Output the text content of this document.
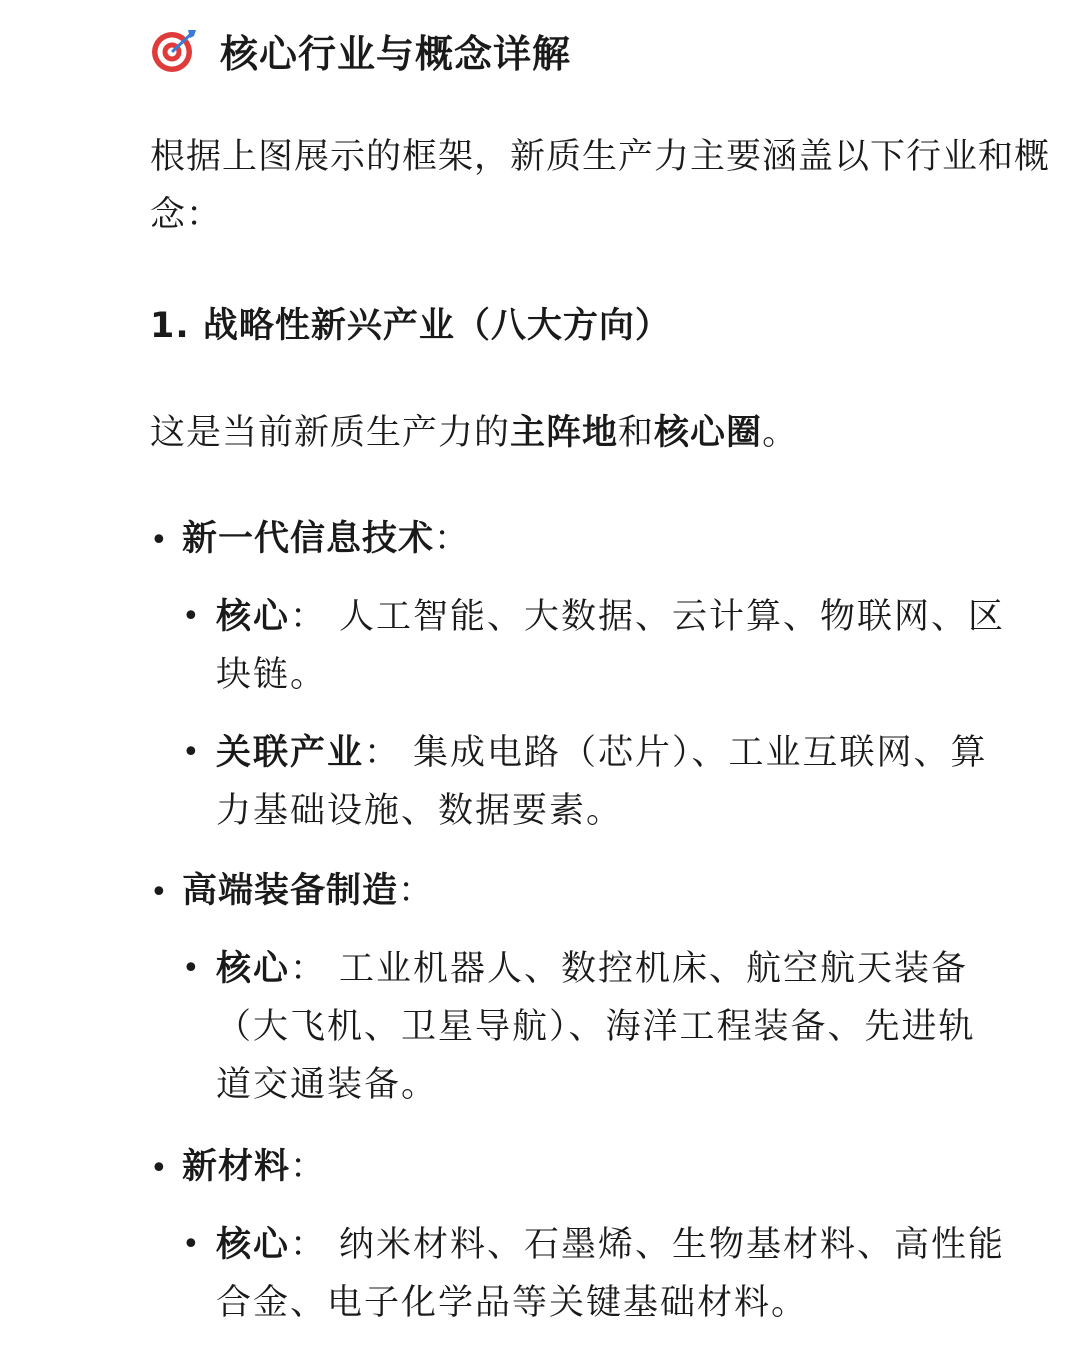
核心行业与概念详解
根据上图展示的框架，新质生产力主要涵盖以下行业和概念：
1. 战略性新兴产业（八大方向）
这是当前新质生产力的主阵地和核心圈。
• 新一代信息技术：
• 核心： 人工智能、大数据、云计算、物联网、区块链。
• 关联产业： 集成电路（芯片）、工业互联网、算力基础设施、数据要素。
• 高端装备制造：
• 核心： 工业机器人、数控机床、航空航天装备（大飞机、卫星导航）、海洋工程装备、先进轨道交通装备。
• 新材料：
• 核心： 纳米材料、石墨烯、生物基材料、高性能合金、电子化学品等关键基础材料。
